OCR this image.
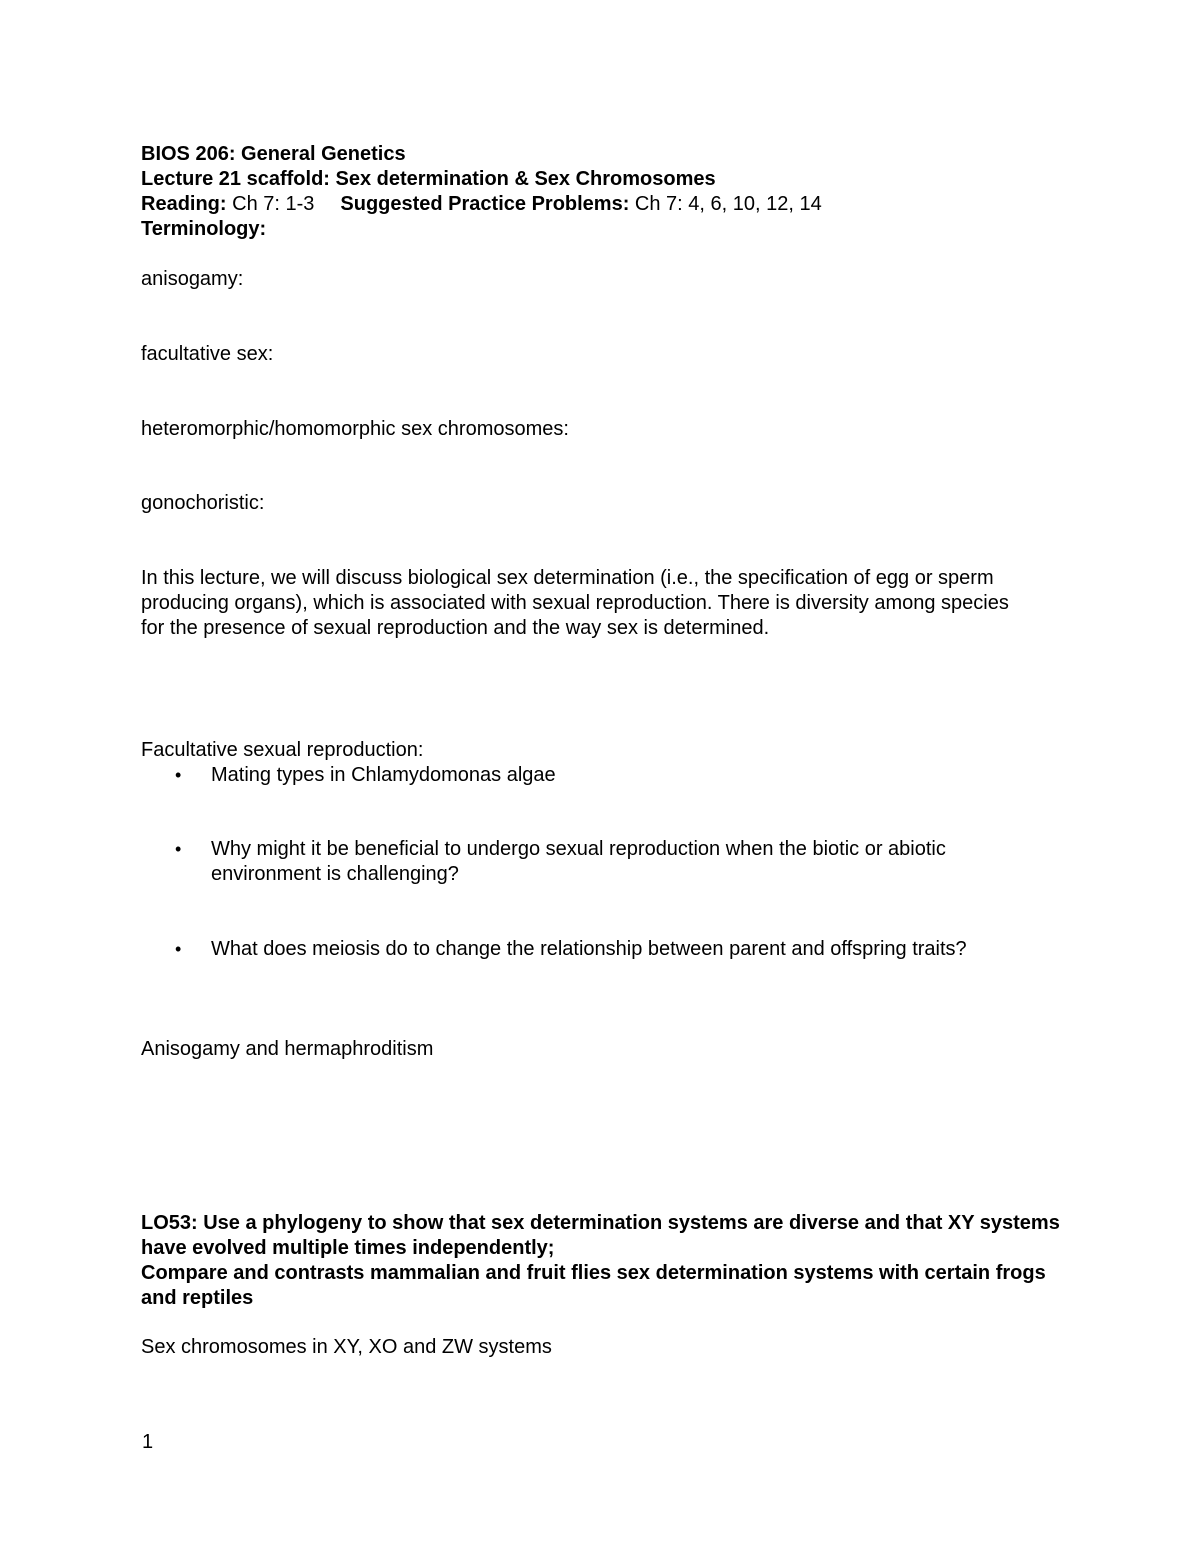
BIOS 206: General Genetics

Lecture 21 scaffold: Sex determination & Sex Chromosomes

Reading: Ch 7: 1-3 Suggested Practice Problems: Ch 7: 4, 6, 10, 12, 14

Terminology:

anisogamy:

facultative sex:

heteromorphic/homomorphic sex chromosomes:

gonochoristic:

In this lecture, we will discuss biological sex determination (i.e., the specification of egg or sperm producing organs), which is associated with sexual reproduction. There is diversity among species for the presence of sexual reproduction and the way sex is determined.

Facultative sexual reproduction:

• Mating types in Chlamydomonas algae
• Why might it be beneficial to undergo sexual reproduction when the biotic or abiotic environment is challenging?
• What does meiosis do to change the relationship between parent and offspring traits?

Anisogamy and hermaphroditism

LO53: Use a phylogeny to show that sex determination systems are diverse and that XY systems have evolved multiple times independently;

Compare and contrasts mammalian and fruit flies sex determination systems with certain frogs and reptiles

Sex chromosomes in XY, XO and ZW systems

1
